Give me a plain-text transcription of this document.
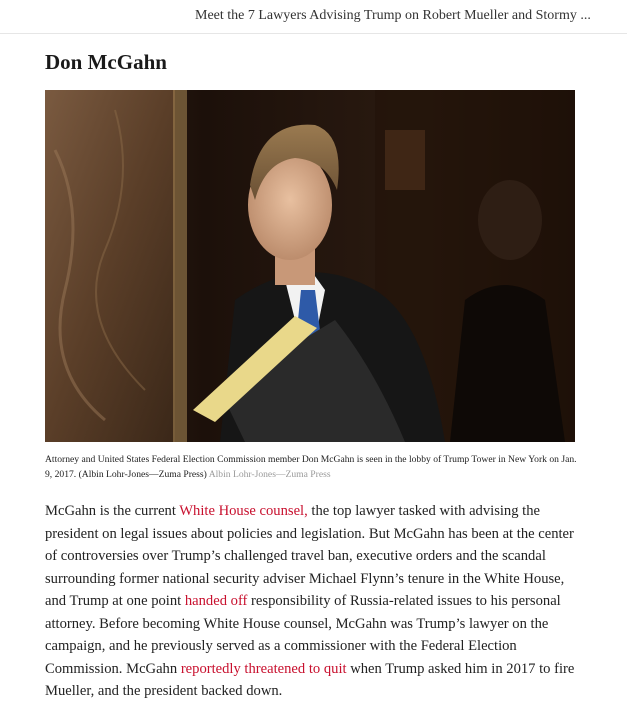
Meet the 7 Lawyers Advising Trump on Robert Mueller and Stormy ...
Don McGahn

Attorney and United States Federal Election Commission member Don McGahn is seen in the lobby of Trump Tower in New York on Jan. 9, 2017. (Albin Lohr-Jones—Zuma Press) Albin Lohr-Jones—Zuma Press

McGahn is the current White House counsel, the top lawyer tasked with advising the president on legal issues about policies and legislation. But McGahn has been at the center of controversies over Trump’s challenged travel ban, executive orders and the scandal surrounding former national security adviser Michael Flynn’s tenure in the White House, and Trump at one point handed off responsibility of Russia-related issues to his personal attorney. Before becoming White House counsel, McGahn was Trump’s lawyer on the campaign, and he previously served as a commissioner with the Federal Election Commission. McGahn reportedly threatened to quit when Trump asked him in 2017 to fire Mueller, and the president backed down.
